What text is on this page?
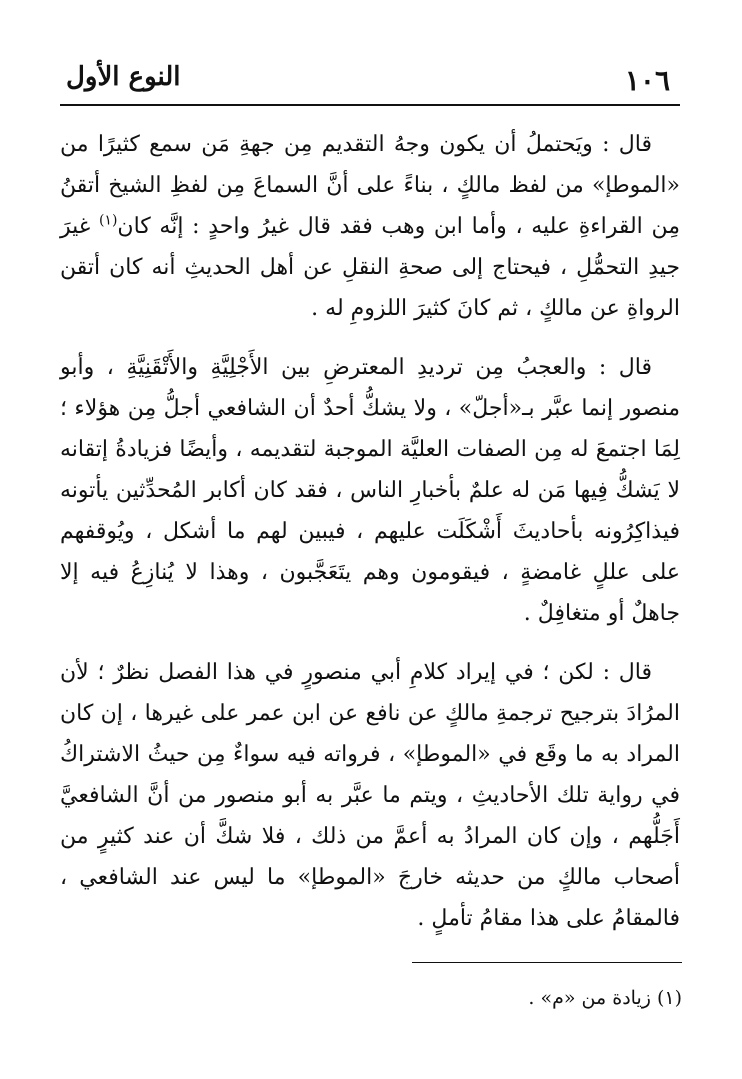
١٠٦
النوع الأول

قال : ويَحتملُ أن يكون وجهُ التقديم مِن جهةِ مَن سمع كثيرًا من «الموطإ» من لفظ مالكٍ ، بناءً على أنَّ السماعَ مِن لفظِ الشيخ أتقنُ مِن القراءةِ عليه ، وأما ابن وهب فقد قال غيرُ واحدٍ : إنَّه كان$^{(١)}$ غيرَ جيدِ التحمُّلِ ، فيحتاج إلى صحةِ النقلِ عن أهل الحديثِ أنه كان أتقن الرواةِ عن مالكٍ ، ثم كانَ كثيرَ اللزومِ له .

قال : والعجبُ مِن ترديدِ المعترضِ بين الأَجْلِيَّةِ والأَتْقَنِيَّةِ ، وأبو منصور إنما عبَّر بـ«أجلّ» ، ولا يشكُّ أحدٌ أن الشافعي أجلُّ مِن هؤلاء ؛ لِمَا اجتمعَ له مِن الصفات العليَّة الموجبة لتقديمه ، وأيضًا فزيادةُ إتقانه لا يَشكُّ فِيها مَن له علمٌ بأخبارِ الناس ، فقد كان أكابر المُحدِّثين يأتونه فيذاكِرُونه بأحاديثَ أَشْكَلَت عليهم ، فيبين لهم ما أشكل ، ويُوقفهم على عللٍ غامضةٍ ، فيقومون وهم يتَعَجَّبون ، وهذا لا يُنازِعُ فيه إلا جاهلٌ أو متغافِلٌ .

قال : لكن ؛ في إيراد كلامِ أبي منصورٍ في هذا الفصل نظرٌ ؛ لأن المرُادَ بترجيح ترجمةِ مالكٍ عن نافع عن ابن عمر على غيرها ، إن كان المراد به ما وقَع في «الموطإ» ، فرواته فيه سواءٌ مِن حيثُ الاشتراكُ في رواية تلك الأحاديثِ ، ويتم ما عبَّر به أبو منصور من أنَّ الشافعيَّ أَجَلُّهم ، وإن كان المرادُ به أعمَّ من ذلك ، فلا شكَّ أن عند كثيرٍ من أصحاب مالكٍ من حديثه خارجَ «الموطإ» ما ليس عند الشافعي ، فالمقامُ على هذا مقامُ تأملٍ .

(١) زيادة من «م» .
